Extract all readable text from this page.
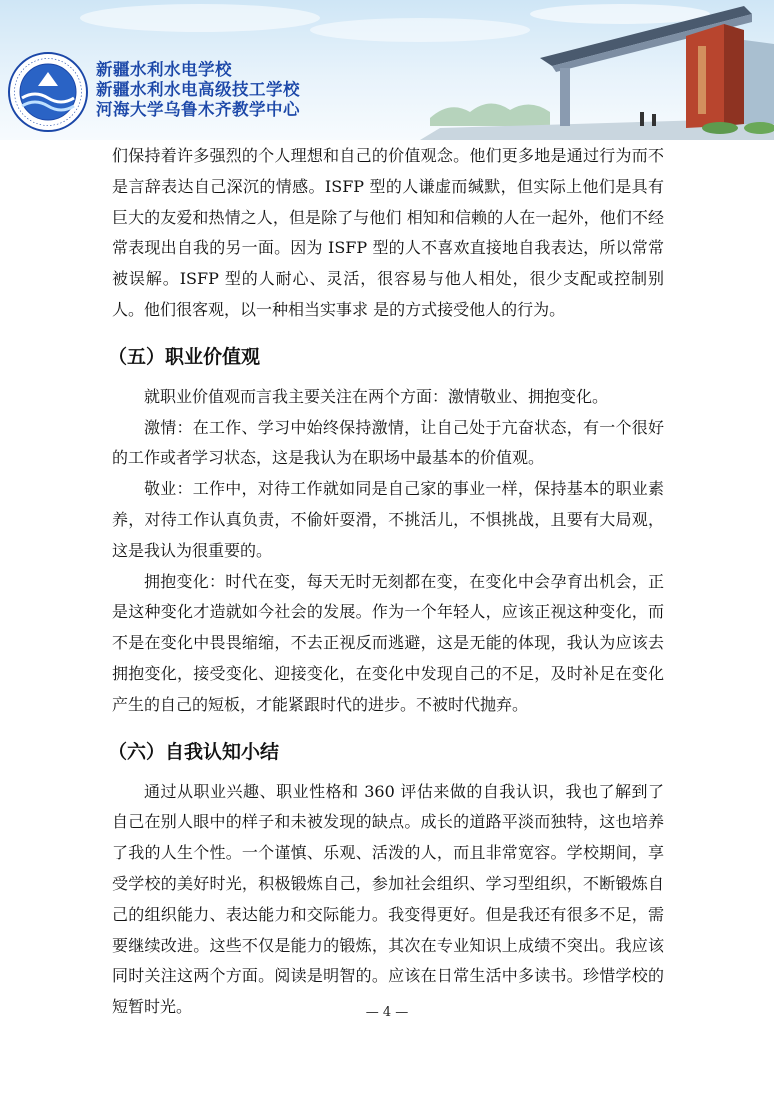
新疆水利水电学校
新疆水利水电高级技工学校
河海大学乌鲁木齐教学中心

们保持着许多强烈的个人理想和自己的价值观念。他们更多地是通过行为而不是言辞表达自己深沉的情感。ISFP 型的人谦虚而缄默，但实际上他们是具有巨大的友爱和热情之人，但是除了与他们 相知和信赖的人在一起外，他们不经常表现出自我的另一面。因为 ISFP 型的人不喜欢直接地自我表达，所以常常被误解。ISFP 型的人耐心、灵活，很容易与他人相处，很少支配或控制别人。他们很客观，以一种相当实事求 是的方式接受他人的行为。

（五）职业价值观

就职业价值观而言我主要关注在两个方面：激情敬业、拥抱变化。

激情：在工作、学习中始终保持激情，让自己处于亢奋状态，有一个很好的工作或者学习状态，这是我认为在职场中最基本的价值观。

敬业：工作中，对待工作就如同是自己家的事业一样，保持基本的职业素养，对待工作认真负责，不偷奸耍滑，不挑活儿，不惧挑战，且要有大局观，这是我认为很重要的。

拥抱变化：时代在变，每天无时无刻都在变，在变化中会孕育出机会，正是这种变化才造就如今社会的发展。作为一个年轻人，应该正视这种变化，而不是在变化中畏畏缩缩，不去正视反而逃避，这是无能的体现，我认为应该去拥抱变化，接受变化、迎接变化，在变化中发现自己的不足，及时补足在变化产生的自己的短板，才能紧跟时代的进步。不被时代抛弃。

（六）自我认知小结

通过从职业兴趣、职业性格和 360 评估来做的自我认识，我也了解到了自己在别人眼中的样子和未被发现的缺点。成长的道路平淡而独特，这也培养了我的人生个性。一个谨慎、乐观、活泼的人，而且非常宽容。学校期间，享受学校的美好时光，积极锻炼自己，参加社会组织、学习型组织，不断锻炼自己的组织能力、表达能力和交际能力。我变得更好。但是我还有很多不足，需要继续改进。这些不仅是能力的锻炼，其次在专业知识上成绩不突出。我应该同时关注这两个方面。阅读是明智的。应该在日常生活中多读书。珍惜学校的短暂时光。	— 4 —
